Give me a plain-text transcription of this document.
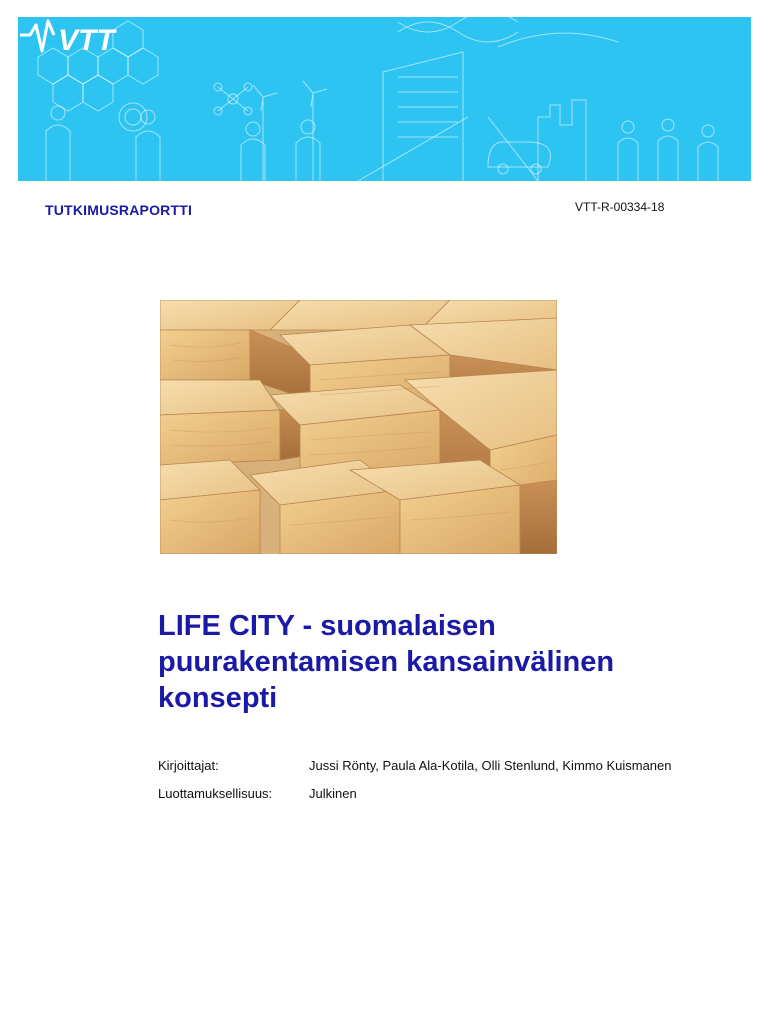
VTT
TUTKIMUSRAPORTTI	VTT-R-00334-18
LIFE CITY - suomalaisen puurakentamisen kansainvälinen konsepti
Kirjoittajat:	Jussi Rönty, Paula Ala-Kotila, Olli Stenlund, Kimmo Kuismanen
Luottamuksellisuus:	Julkinen
